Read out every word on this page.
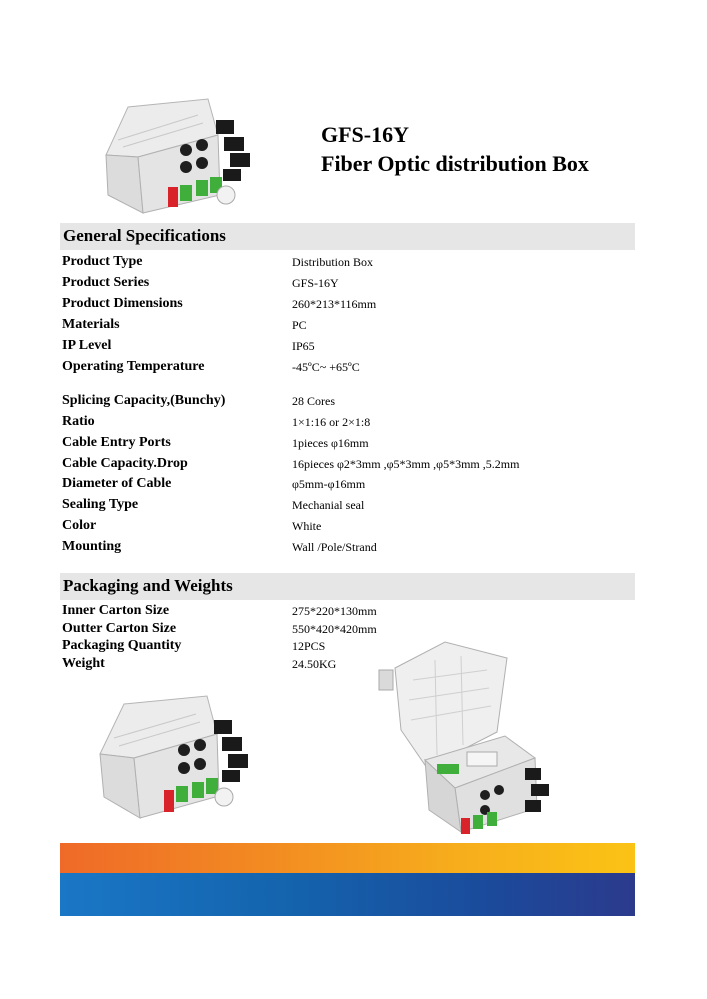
GFS-16Y
Fiber Optic distribution Box
General Specifications
Product Type	Distribution Box
Product Series	GFS-16Y
Product Dimensions	260*213*116mm
Materials	PC
IP Level	IP65
Operating Temperature	-45ºC~ +65ºC
Splicing Capacity,(Bunchy)	28 Cores
Ratio	1×1:16 or 2×1:8
Cable Entry Ports	1pieces φ16mm
Cable Capacity.Drop	16pieces φ2*3mm ,φ5*3mm ,φ5*3mm ,5.2mm
Diameter of Cable	φ5mm-φ16mm
Sealing Type	Mechanial seal
Color	White
Mounting	Wall /Pole/Strand
Packaging and Weights
Inner Carton Size	275*220*130mm
Outter Carton Size	550*420*420mm
Packaging Quantity	12PCS
Weight	24.50KG
